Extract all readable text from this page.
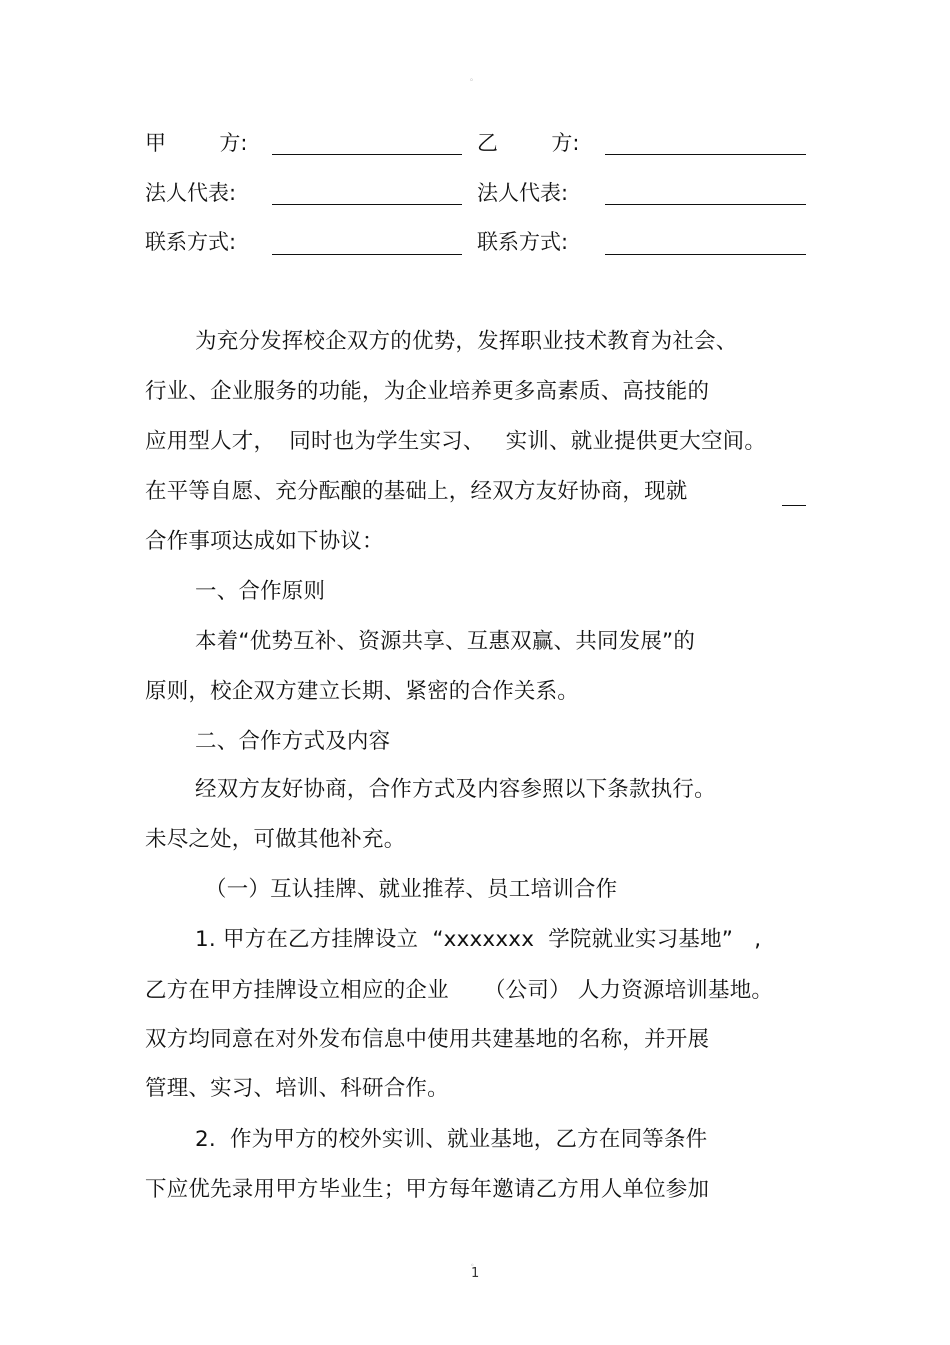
。
甲        方:	乙        方:
法人代表:	法人代表:
联系方式:	联系方式:
为充分发挥校企双方的优势，发挥职业技术教育为社会、
行业、企业服务的功能，为企业培养更多高素质、高技能的
应用型人才，  同时也为学生实习、   实训、就业提供更大空间。
在平等自愿、充分酝酿的基础上，经双方友好协商，现就
合作事项达成如下协议：
一、合作原则
本着“优势互补、资源共享、互惠双赢、共同发展”的
原则，校企双方建立长期、紧密的合作关系。
二、合作方式及内容
经双方友好协商，合作方式及内容参照以下条款执行。
未尽之处，可做其他补充。
（一）互认挂牌、就业推荐、员工培训合作
1. 甲方在乙方挂牌设立  “xxxxxxx  学院就业实习基地”   ,
乙方在甲方挂牌设立相应的企业     （公司） 人力资源培训基地。
双方均同意在对外发布信息中使用共建基地的名称，并开展
管理、实习、培训、科研合作。
2.  作为甲方的校外实训、就业基地，乙方在同等条件
下应优先录用甲方毕业生；甲方每年邀请乙方用人单位参加
。
1
